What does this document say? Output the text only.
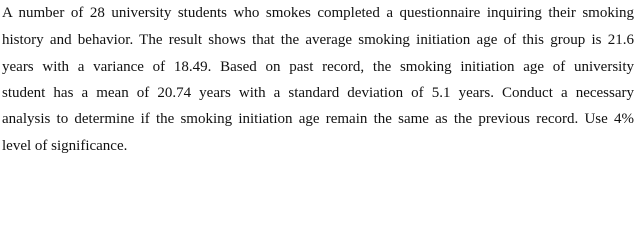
A number of 28 university students who smokes completed a questionnaire inquiring their smoking
history and behavior. The result shows that the average smoking initiation age of this group is 21.6
years with a variance of 18.49. Based on past record, the smoking initiation age of university
student has a mean of 20.74 years with a standard deviation of 5.1 years. Conduct a necessary
analysis to determine if the smoking initiation age remain the same as the previous record. Use 4%
level of significance.
